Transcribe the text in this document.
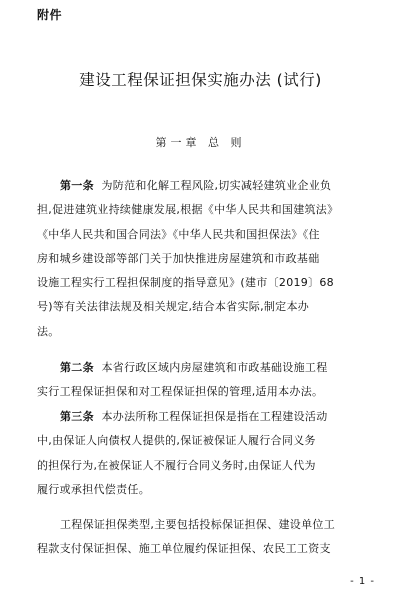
附件
建设工程保证担保实施办法 (试行)
第一章 总 则

第一条 为防范和化解工程风险,切实减轻建筑业企业负
担,促进建筑业持续健康发展,根据《中华人民共和国建筑法》
《中华人民共和国合同法》《中华人民共和国担保法》《住
房和城乡建设部等部门关于加快推进房屋建筑和市政基础
设施工程实行工程担保制度的指导意见》(建市〔2019〕68
号)等有关法律法规及相关规定,结合本省实际,制定本办
法。

第二条 本省行政区域内房屋建筑和市政基础设施工程
实行工程保证担保和对工程保证担保的管理,适用本办法。

第三条 本办法所称工程保证担保是指在工程建设活动
中,由保证人向债权人提供的,保证被保证人履行合同义务
的担保行为,在被保证人不履行合同义务时,由保证人代为
履行或承担代偿责任。

工程保证担保类型,主要包括投标保证担保、建设单位工
程款支付保证担保、施工单位履约保证担保、农民工工资支

- 1 -
